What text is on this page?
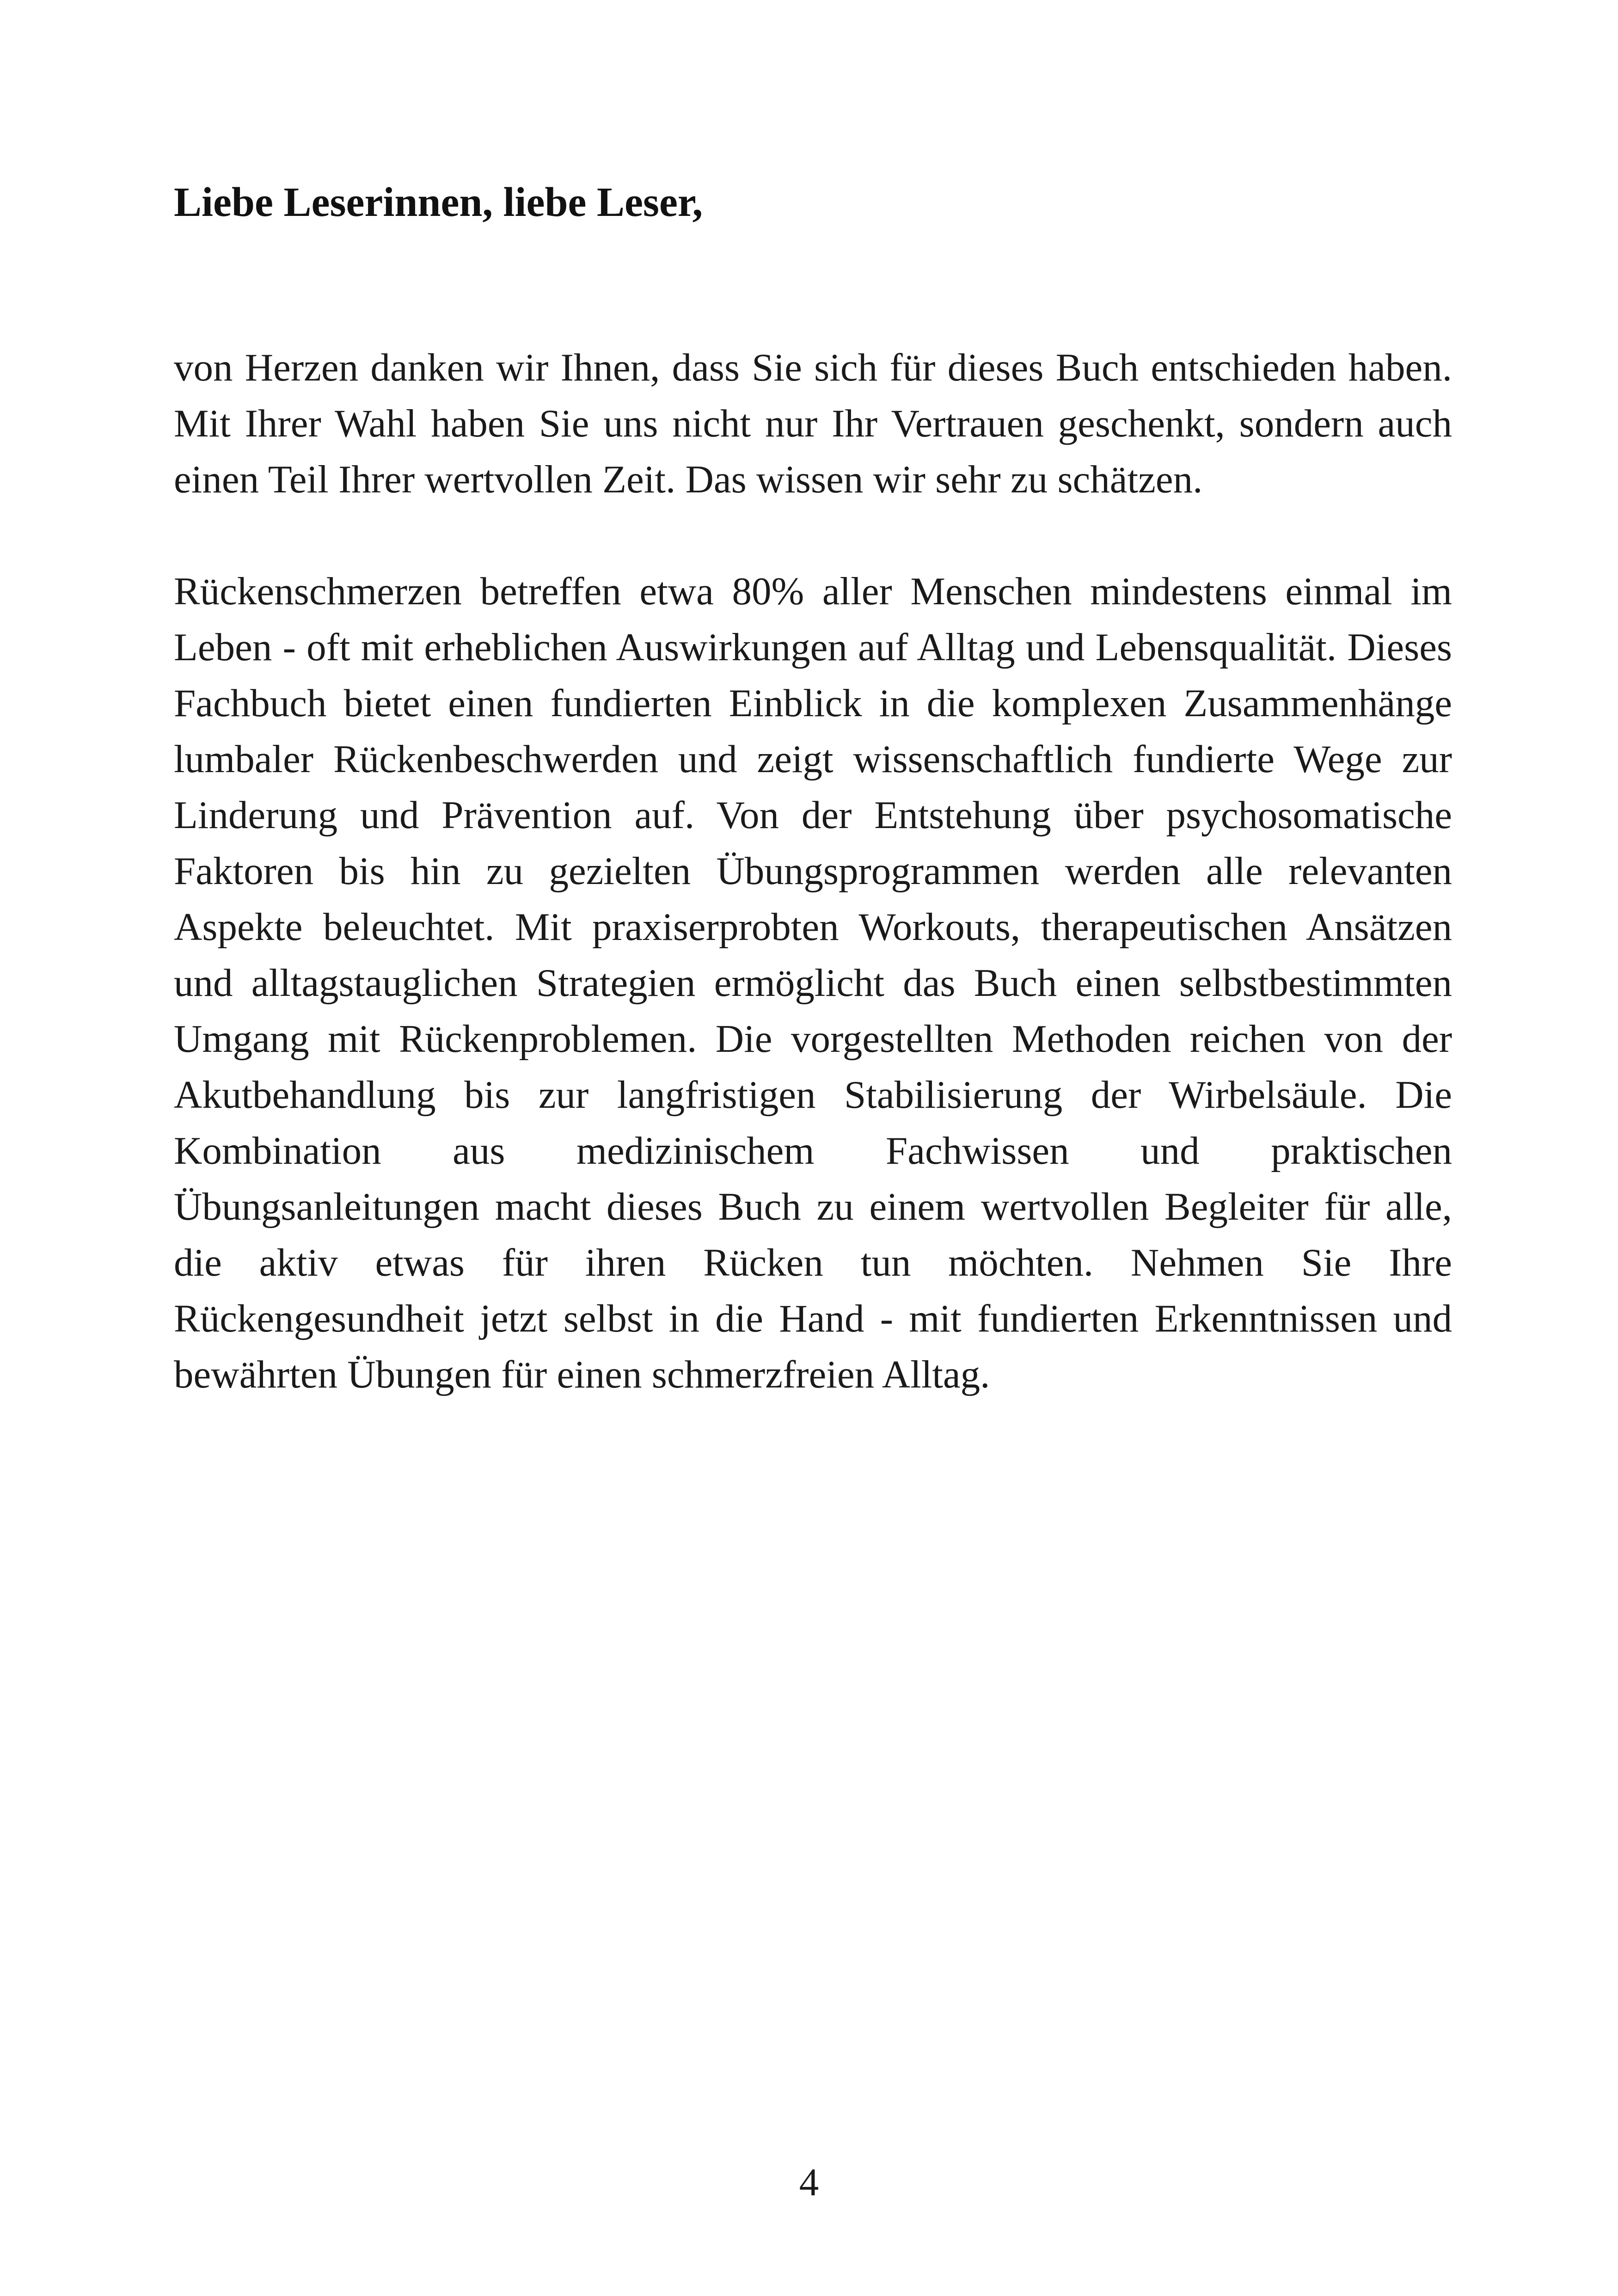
Liebe Leserinnen, liebe Leser,

von Herzen danken wir Ihnen, dass Sie sich für dieses Buch entschieden haben. Mit Ihrer Wahl haben Sie uns nicht nur Ihr Vertrauen geschenkt, sondern auch einen Teil Ihrer wertvollen Zeit. Das wissen wir sehr zu schätzen.

Rückenschmerzen betreffen etwa 80% aller Menschen mindestens einmal im Leben - oft mit erheblichen Auswirkungen auf Alltag und Lebensqualität. Dieses Fachbuch bietet einen fundierten Einblick in die komplexen Zusammenhänge lumbaler Rückenbeschwerden und zeigt wissenschaftlich fundierte Wege zur Linderung und Prävention auf. Von der Entstehung über psychosomatische Faktoren bis hin zu gezielten Übungsprogrammen werden alle relevanten Aspekte beleuchtet. Mit praxiserprobten Workouts, therapeutischen Ansätzen und alltagstauglichen Strategien ermöglicht das Buch einen selbstbestimmten Umgang mit Rückenproblemen. Die vorgestellten Methoden reichen von der Akutbehandlung bis zur langfristigen Stabilisierung der Wirbelsäule. Die Kombination aus medizinischem Fachwissen und praktischen Übungsanleitungen macht dieses Buch zu einem wertvollen Begleiter für alle, die aktiv etwas für ihren Rücken tun möchten. Nehmen Sie Ihre Rückengesundheit jetzt selbst in die Hand - mit fundierten Erkenntnissen und bewährten Übungen für einen schmerzfreien Alltag.

4
